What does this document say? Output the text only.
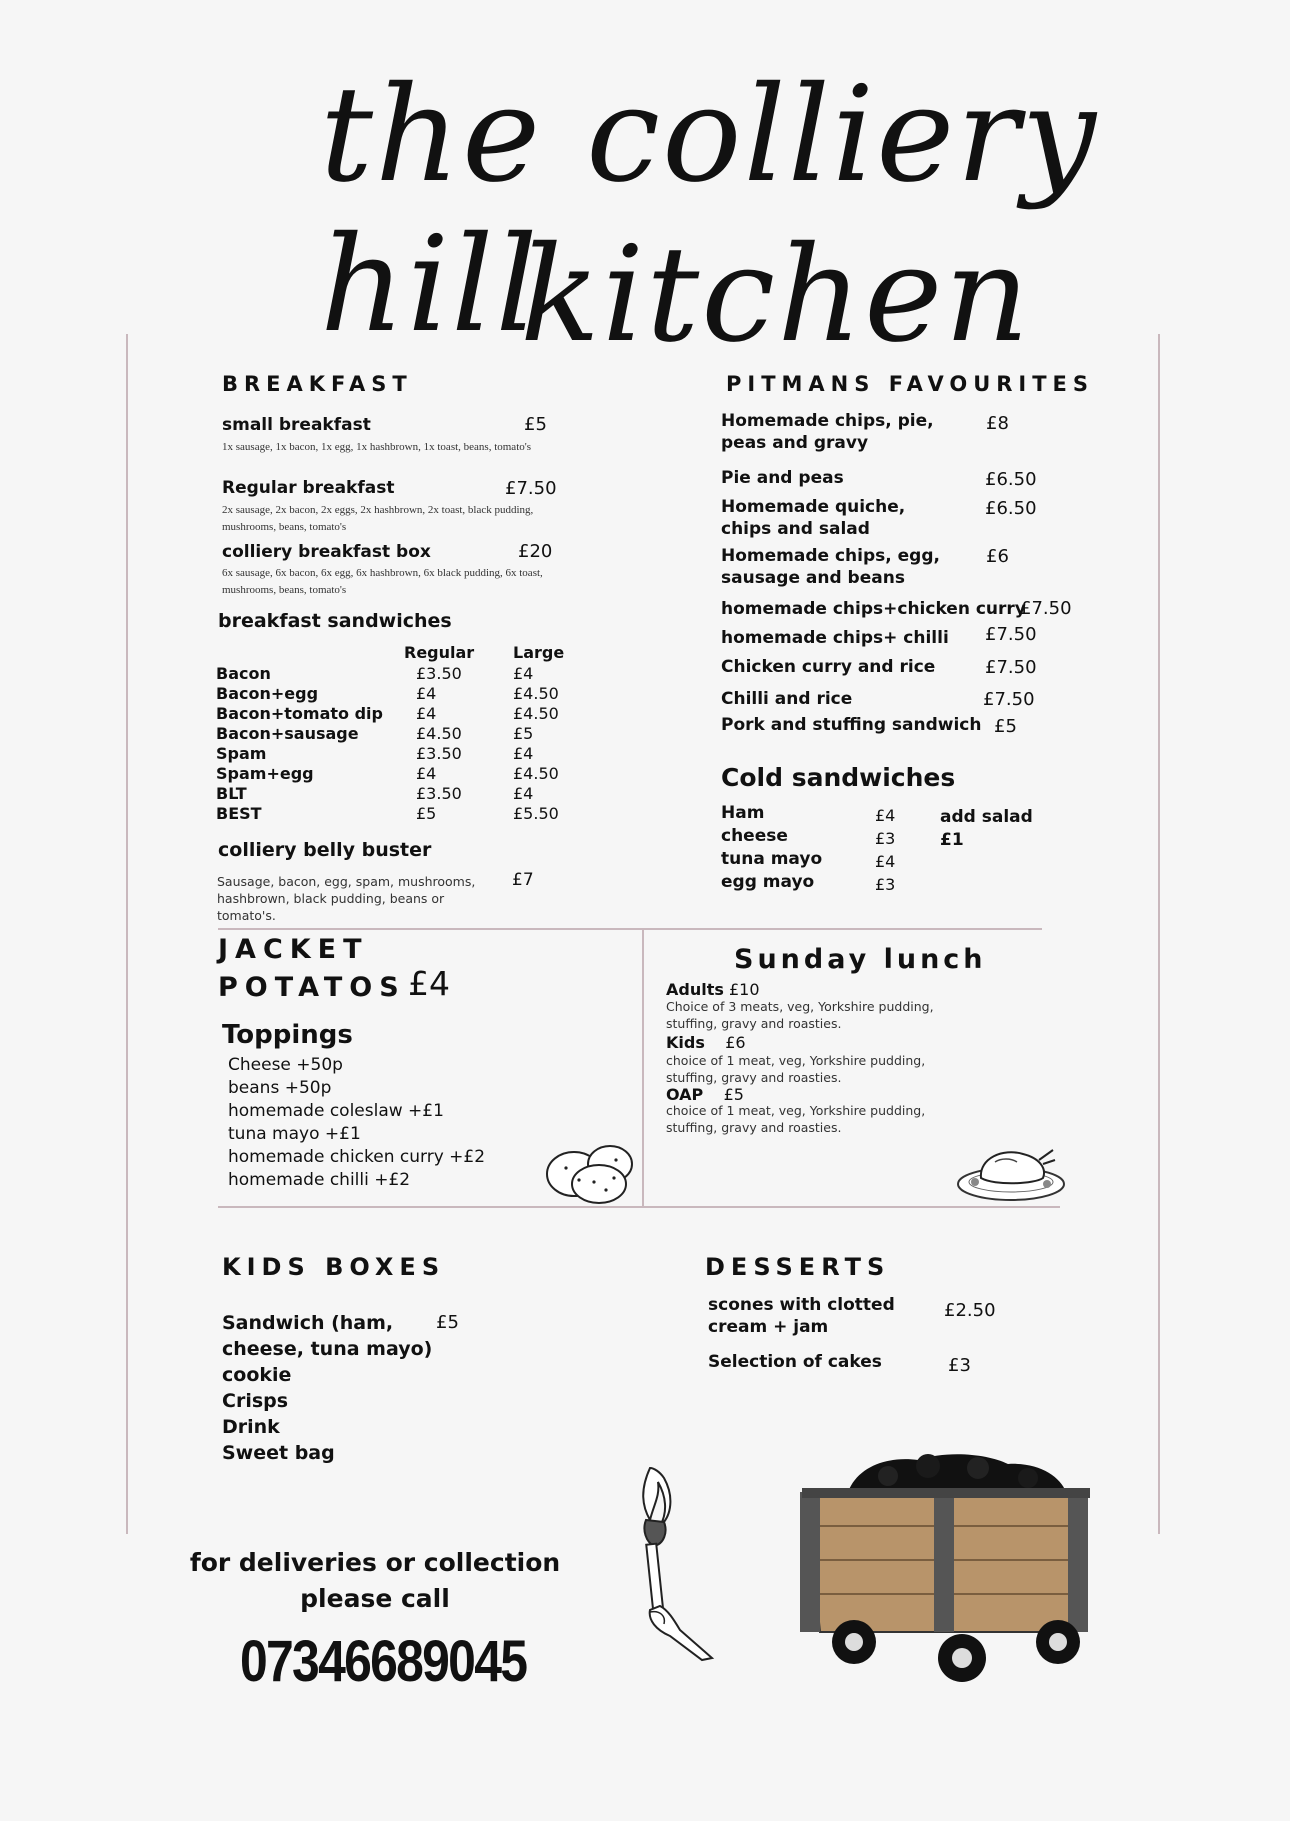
the colliery hill
kitchen
BREAKFAST
small breakfast	£5
1x sausage, 1x bacon, 1x egg, 1x hashbrown, 1x toast, beans, tomato's
Regular breakfast	£7.50
2x sausage, 2x bacon, 2x eggs, 2x hashbrown, 2x toast, black pudding, mushrooms, beans, tomato's
colliery breakfast box	£20
6x sausage, 6x bacon, 6x egg, 6x hashbrown, 6x black pudding, 6x toast, mushrooms, beans, tomato's
breakfast sandwiches
	Regular	Large
Bacon	£3.50	£4
Bacon+egg	£4	£4.50
Bacon+tomato dip	£4	£4.50
Bacon+sausage	£4.50	£5
Spam	£3.50	£4
Spam+egg	£4	£4.50
BLT	£3.50	£4
BEST	£5	£5.50
colliery belly buster
Sausage, bacon, egg, spam, mushrooms, hashbrown, black pudding, beans or tomato's.
£7
PITMANS FAVOURITES
Homemade chips, pie, peas and gravy
£8
Pie and peas	£6.50
Homemade quiche, chips and salad
£6.50
Homemade chips, egg, sausage and beans
£6
homemade chips+chicken curry
£7.50
homemade chips+ chilli £7.50
Chicken curry and rice	£7.50
Chilli and rice	£7.50
Pork and stuffing sandwich £5
Cold sandwiches
Ham	£4
cheese	£3
tuna mayo	£4
egg mayo	£3
add salad
£1
JACKET
POTATOS £4
Toppings
Cheese +50p
beans +50p
homemade coleslaw +£1
tuna mayo +£1
homemade chicken curry +£2
homemade chilli +£2
Sunday lunch
Adults £10
Choice of 3 meats, veg, Yorkshire pudding, stuffing, gravy and roasties.
Kids £6
choice of 1 meat, veg, Yorkshire pudding, stuffing, gravy and roasties.
OAP £5
choice of 1 meat, veg, Yorkshire pudding, stuffing, gravy and roasties.
KIDS BOXES
Sandwich (ham, £5
cheese, tuna mayo)
cookie
Crisps
Drink
Sweet bag
DESSERTS
scones with clotted cream + jam
£2.50
Selection of cakes	£3
for deliveries or collection
please call
07346689045
